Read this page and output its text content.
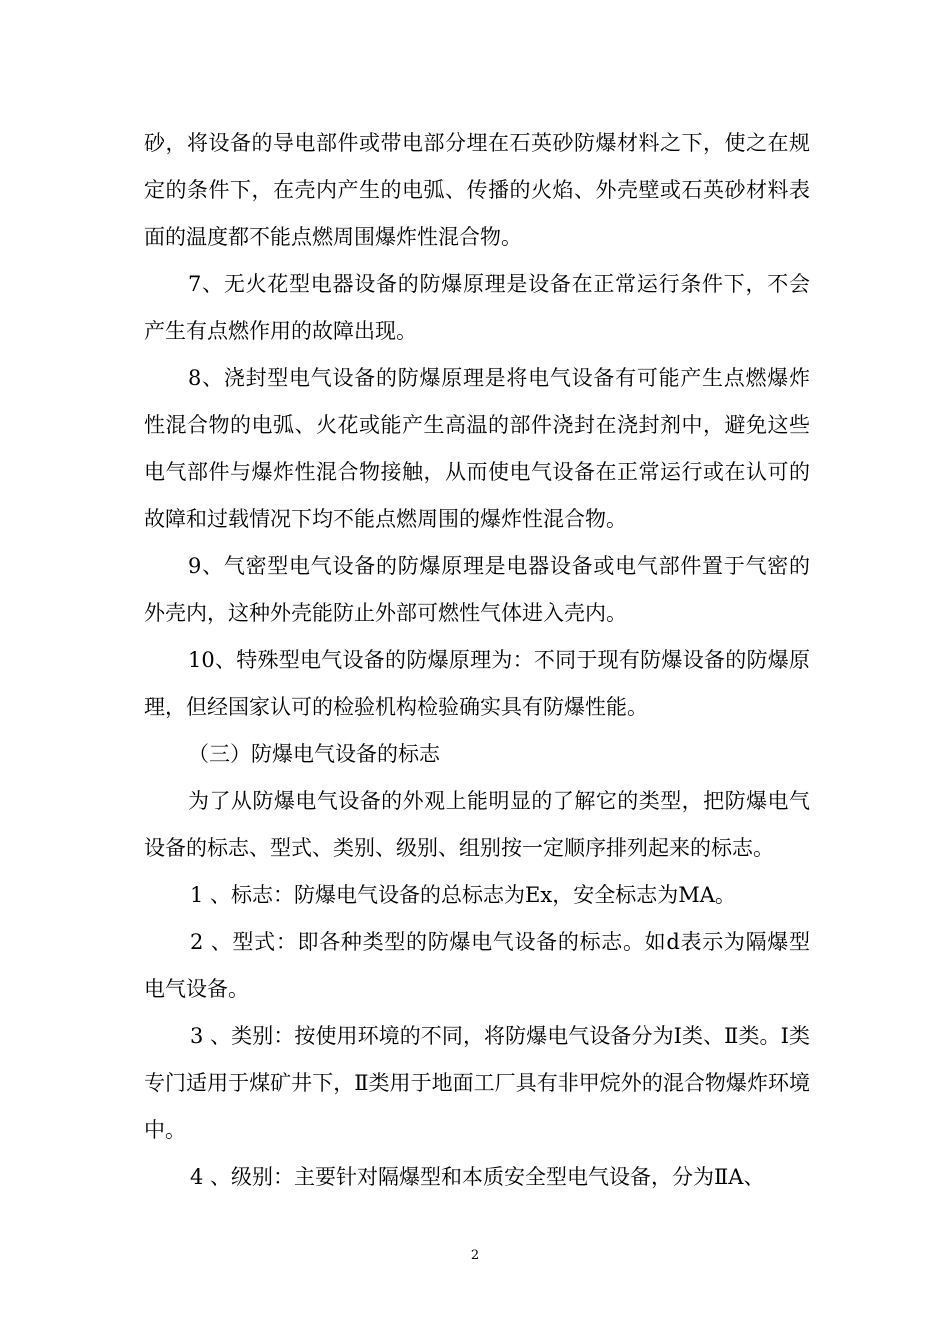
砂，将设备的导电部件或带电部分埋在石英砂防爆材料之下，使之在规定的条件下，在壳内产生的电弧、传播的火焰、外壳壁或石英砂材料表面的温度都不能点燃周围爆炸性混合物。

7、无火花型电器设备的防爆原理是设备在正常运行条件下，不会产生有点燃作用的故障出现。

8、浇封型电气设备的防爆原理是将电气设备有可能产生点燃爆炸性混合物的电弧、火花或能产生高温的部件浇封在浇封剂中，避免这些电气部件与爆炸性混合物接触，从而使电气设备在正常运行或在认可的故障和过载情况下均不能点燃周围的爆炸性混合物。

9、气密型电气设备的防爆原理是电器设备或电气部件置于气密的外壳内，这种外壳能防止外部可燃性气体进入壳内。

10、特殊型电气设备的防爆原理为：不同于现有防爆设备的防爆原理，但经国家认可的检验机构检验确实具有防爆性能。

（三）防爆电气设备的标志

为了从防爆电气设备的外观上能明显的了解它的类型，把防爆电气设备的标志、型式、类别、级别、组别按一定顺序排列起来的标志。

1 、标志：防爆电气设备的总标志为Ex，安全标志为MA。

2 、型式：即各种类型的防爆电气设备的标志。如d表示为隔爆型电气设备。

3 、类别：按使用环境的不同，将防爆电气设备分为Ⅰ类、Ⅱ类。Ⅰ类专门适用于煤矿井下，Ⅱ类用于地面工厂具有非甲烷外的混合物爆炸环境中。

4 、级别：主要针对隔爆型和本质安全型电气设备，分为ⅡA、

2
